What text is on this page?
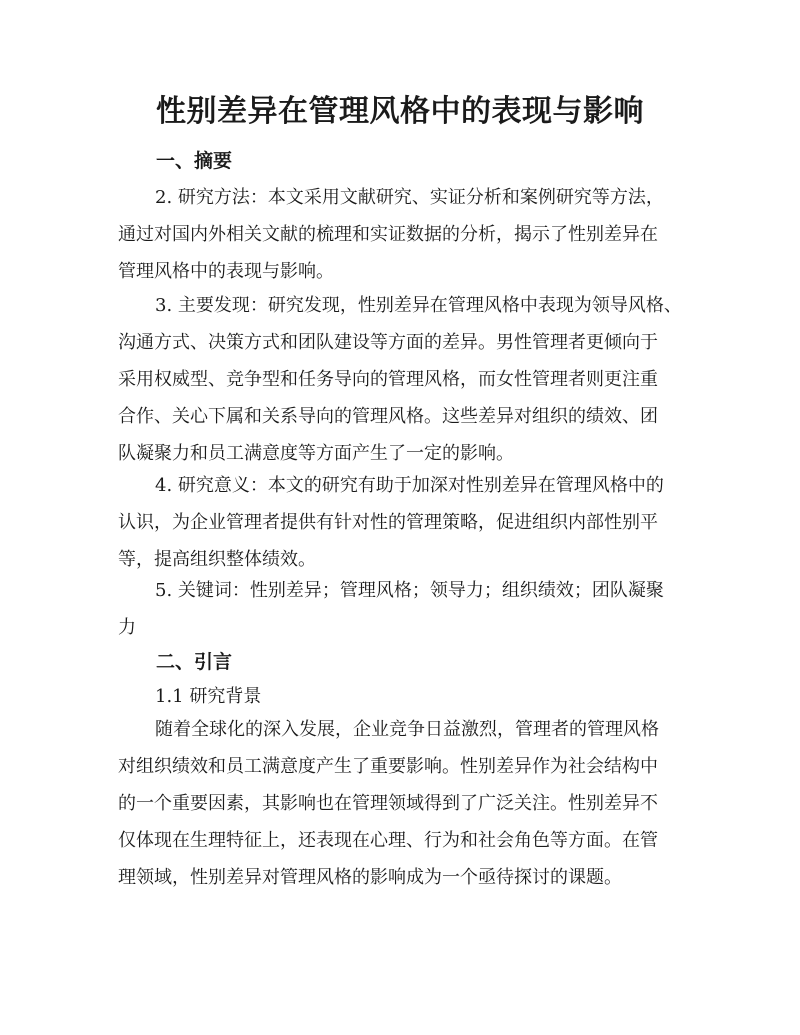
性别差异在管理风格中的表现与影响
一、摘要

2. 研究方法：本文采用文献研究、实证分析和案例研究等方法，
通过对国内外相关文献的梳理和实证数据的分析，揭示了性别差异在
管理风格中的表现与影响。

3. 主要发现：研究发现，性别差异在管理风格中表现为领导风格、
沟通方式、决策方式和团队建设等方面的差异。男性管理者更倾向于
采用权威型、竞争型和任务导向的管理风格，而女性管理者则更注重
合作、关心下属和关系导向的管理风格。这些差异对组织的绩效、团
队凝聚力和员工满意度等方面产生了一定的影响。

4. 研究意义：本文的研究有助于加深对性别差异在管理风格中的
认识，为企业管理者提供有针对性的管理策略，促进组织内部性别平
等，提高组织整体绩效。

5. 关键词：性别差异；管理风格；领导力；组织绩效；团队凝聚
力

二、引言
1.1 研究背景

随着全球化的深入发展，企业竞争日益激烈，管理者的管理风格
对组织绩效和员工满意度产生了重要影响。性别差异作为社会结构中
的一个重要因素，其影响也在管理领域得到了广泛关注。性别差异不
仅体现在生理特征上，还表现在心理、行为和社会角色等方面。在管
理领域，性别差异对管理风格的影响成为一个亟待探讨的课题。
